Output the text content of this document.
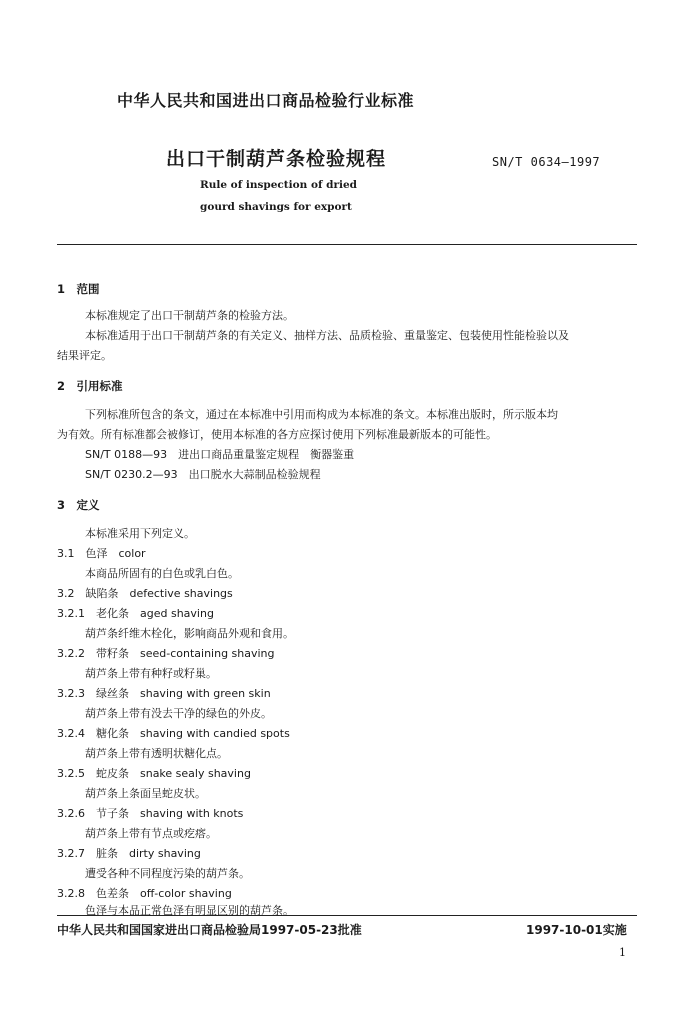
中华人民共和国进出口商品检验行业标准
出口干制葫芦条检验规程	SN/T 0634—1997
Rule of inspection of dried
gourd shavings for export
1　范围
本标准规定了出口干制葫芦条的检验方法。
本标准适用于出口干制葫芦条的有关定义、抽样方法、品质检验、重量鉴定、包装使用性能检验以及
结果评定。
2　引用标准
下列标准所包含的条文，通过在本标准中引用而构成为本标准的条文。本标准出版时，所示版本均
为有效。所有标准都会被修订，使用本标准的各方应探讨使用下列标准最新版本的可能性。
SN/T 0188—93　进出口商品重量鉴定规程　衡器鉴重
SN/T 0230.2—93　出口脱水大蒜制品检验规程
3　定义
本标准采用下列定义。
3.1　色泽　color
本商品所固有的白色或乳白色。
3.2　缺陷条　defective shavings
3.2.1　老化条　aged shaving
葫芦条纤维木栓化，影响商品外观和食用。
3.2.2　带籽条　seed-containing shaving
葫芦条上带有种籽或籽巢。
3.2.3　绿丝条　shaving with green skin
葫芦条上带有没去干净的绿色的外皮。
3.2.4　糖化条　shaving with candied spots
葫芦条上带有透明状糖化点。
3.2.5　蛇皮条　snake sealy shaving
葫芦条上条面呈蛇皮状。
3.2.6　节子条　shaving with knots
葫芦条上带有节点或疙瘩。
3.2.7　脏条　dirty shaving
遭受各种不同程度污染的葫芦条。
3.2.8　色差条　off-color shaving
色泽与本品正常色泽有明显区别的葫芦条。
中华人民共和国国家进出口商品检验局1997-05-23批准	1997-10-01实施
1
